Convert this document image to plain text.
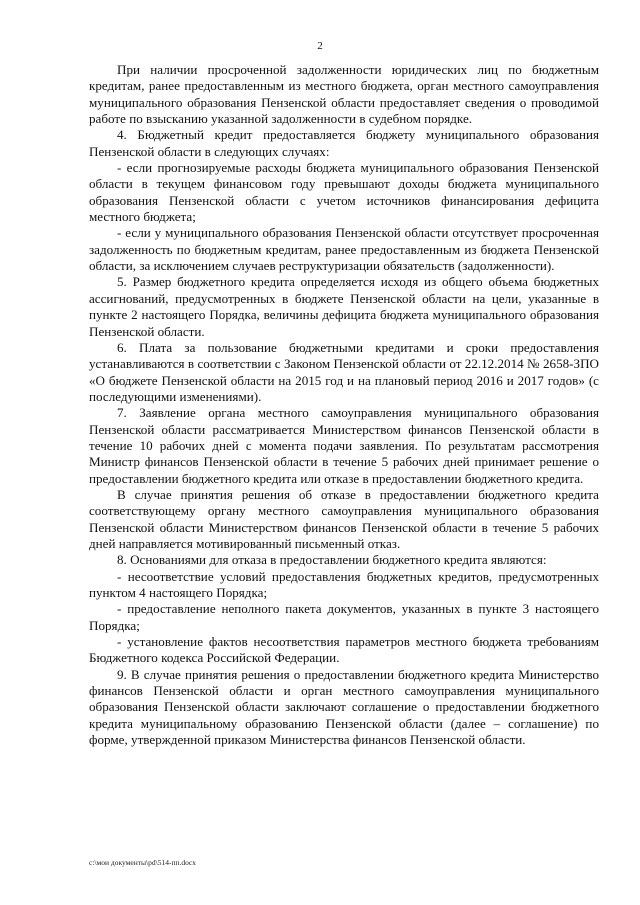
2

При наличии просроченной задолженности юридических лиц по бюджетным кредитам, ранее предоставленным из местного бюджета, орган местного самоуправления муниципального образования Пензенской области предоставляет сведения о проводимой работе по взысканию указанной задолженности в судебном порядке.

4. Бюджетный кредит предоставляется бюджету муниципального образования Пензенской области в следующих случаях:

- если прогнозируемые расходы бюджета муниципального образования Пензенской области в текущем финансовом году превышают доходы бюджета муниципального образования Пензенской области с учетом источников финансирования дефицита местного бюджета;

- если у муниципального образования Пензенской области отсутствует просроченная задолженность по бюджетным кредитам, ранее предоставленным из бюджета Пензенской области, за исключением случаев реструктуризации обязательств (задолженности).

5. Размер бюджетного кредита определяется исходя из общего объема бюджетных ассигнований, предусмотренных в бюджете Пензенской области на цели, указанные в пункте 2 настоящего Порядка, величины дефицита бюджета муниципального образования Пензенской области.

6. Плата за пользование бюджетными кредитами и сроки предоставления устанавливаются в соответствии с Законом Пензенской области от 22.12.2014 № 2658-ЗПО «О бюджете Пензенской области на 2015 год и на плановый период 2016 и 2017 годов» (с последующими изменениями).

7. Заявление органа местного самоуправления муниципального образования Пензенской области рассматривается Министерством финансов Пензенской области в течение 10 рабочих дней с момента подачи заявления. По результатам рассмотрения Министр финансов Пензенской области в течение 5 рабочих дней принимает решение о предоставлении бюджетного кредита или отказе в предоставлении бюджетного кредита.

В случае принятия решения об отказе в предоставлении бюджетного кредита соответствующему органу местного самоуправления муниципального образования Пензенской области Министерством финансов Пензенской области в течение 5 рабочих дней направляется мотивированный письменный отказ.

8. Основаниями для отказа в предоставлении бюджетного кредита являются:

- несоответствие условий предоставления бюджетных кредитов, предусмотренных пунктом 4 настоящего Порядка;

- предоставление неполного пакета документов, указанных в пункте 3 настоящего Порядка;

- установление фактов несоответствия параметров местного бюджета требованиям Бюджетного кодекса Российской Федерации.

9. В случае принятия решения о предоставлении бюджетного кредита Министерство финансов Пензенской области и орган местного самоуправления муниципального образования Пензенской области заключают соглашение о предоставлении бюджетного кредита муниципальному образованию Пензенской области (далее – соглашение) по форме, утвержденной приказом Министерства финансов Пензенской области.

c:\мои документы\pd\514-пп.docx
